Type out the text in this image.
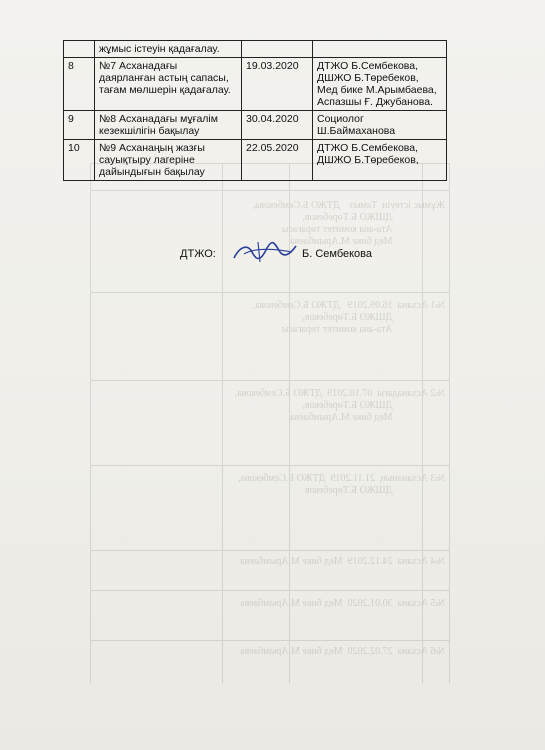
Жұмыс істеуін  Тамыз    ДТЖО Б.Сембекова,
ДШЖО Б.Төребеков,
Ата-ана комитет төрағасы
Мед бике М.Арымбаева
№1 Асхана  16.09.2019   ДТЖО Б.Сембекова,
ДШЖО Б.Төребеков,
Ата-ана комитет төрағасы
№2 Асханадағы  07.10.2019  ДТЖО Б.Сембекова,
ДШЖО Б.Төребеков,
Мед бике М.Арымбаева
№3 Асхананың  21.11.2019  ДТЖО Б.Сембекова,
ДШЖО Б.Төребеков
№4 Асхана  24.12.2019  Мед бике М.Арымбаева
№5 Асхана  30.01.2020  Мед бике М.Арымбаева
№6 Асхана  27.02.2020  Мед бике М.Арымбаева

	жұмыс істеуін қадағалау.		

8	№7 Асханадағы
даярланған астың сапасы,
тағам мөлшерін қадағалау.	19.03.2020	ДТЖО Б.Сембекова,
ДШЖО Б.Төребеков,
Мед бике М.Арымбаева,
Аспазшы Ғ. Джубанова.

9	№8 Асханадағы мұғалім
кезекшілігін бақылау	30.04.2020	Социолог Ш.Баймаханова

10	№9 Асханаңың жазғы
сауықтыру лагеріне
дайындығын бақылау	22.05.2020	ДТЖО Б.Сембекова,
ДШЖО Б.Төребеков,
ДТЖО:	Б. Сембекова
